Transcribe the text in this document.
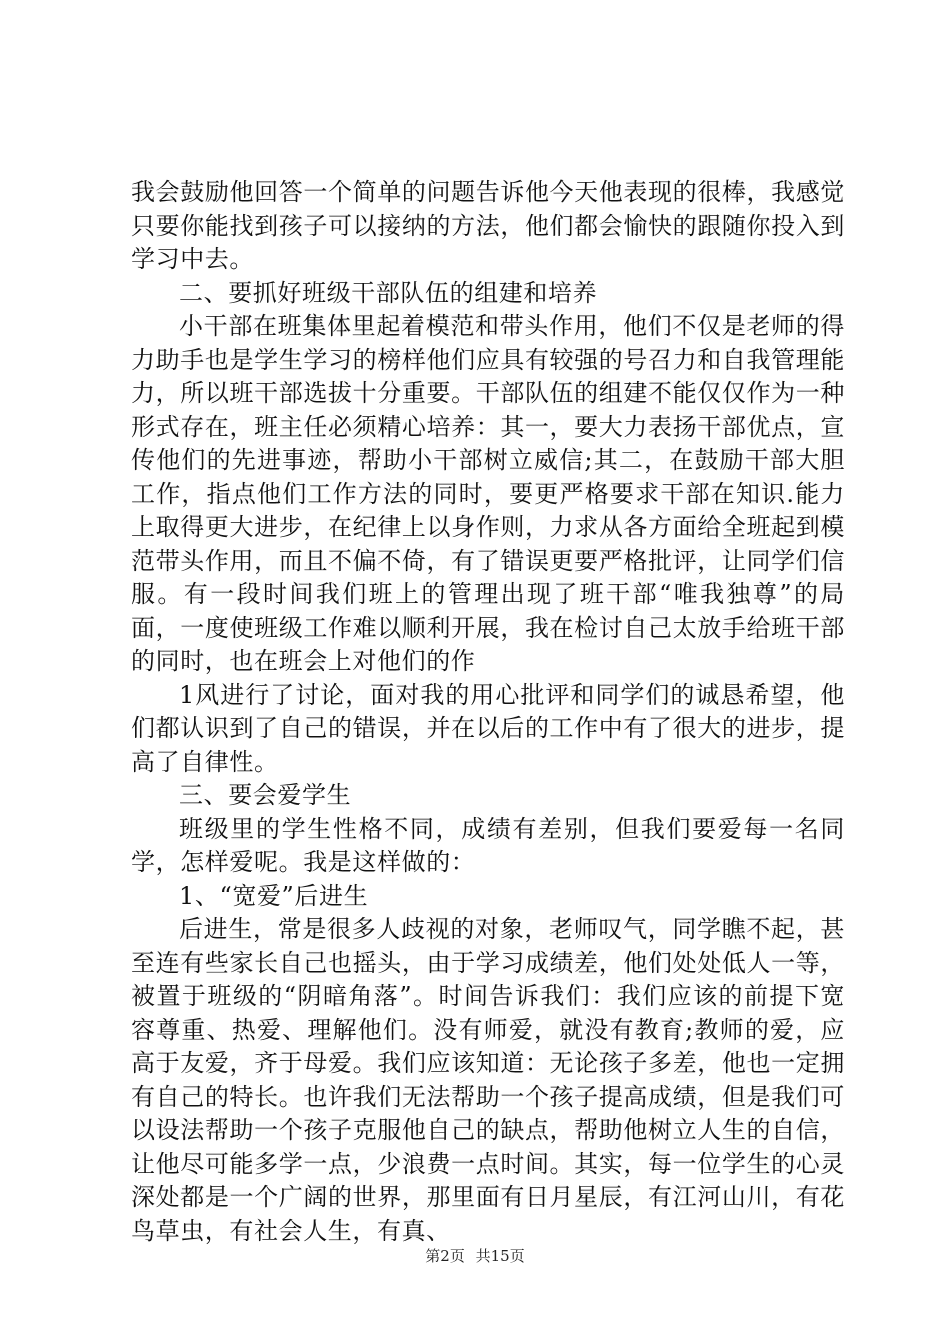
我会鼓励他回答一个简单的问题告诉他今天他表现的很棒，我感觉只要你能找到孩子可以接纳的方法，他们都会愉快的跟随你投入到学习中去。

二、要抓好班级干部队伍的组建和培养

小干部在班集体里起着模范和带头作用，他们不仅是老师的得力助手也是学生学习的榜样他们应具有较强的号召力和自我管理能力，所以班干部选拔十分重要。干部队伍的组建不能仅仅作为一种形式存在，班主任必须精心培养：其一，要大力表扬干部优点，宣传他们的先进事迹，帮助小干部树立威信;其二，在鼓励干部大胆工作，指点他们工作方法的同时，要更严格要求干部在知识.能力上取得更大进步，在纪律上以身作则，力求从各方面给全班起到模范带头作用，而且不偏不倚，有了错误更要严格批评，让同学们信服。有一段时间我们班上的管理出现了班干部“唯我独尊”的局面，一度使班级工作难以顺利开展，我在检讨自己太放手给班干部的同时，也在班会上对他们的作

1风进行了讨论，面对我的用心批评和同学们的诚恳希望，他们都认识到了自己的错误，并在以后的工作中有了很大的进步，提高了自律性。

三、要会爱学生

班级里的学生性格不同，成绩有差别，但我们要爱每一名同学，怎样爱呢。我是这样做的：

1、“宽爱”后进生

后进生，常是很多人歧视的对象，老师叹气，同学瞧不起，甚至连有些家长自己也摇头，由于学习成绩差，他们处处低人一等，被置于班级的“阴暗角落”。时间告诉我们：我们应该的前提下宽容尊重、热爱、理解他们。没有师爱，就没有教育;教师的爱，应高于友爱，齐于母爱。我们应该知道：无论孩子多差，他也一定拥有自己的特长。也许我们无法帮助一个孩子提高成绩，但是我们可以设法帮助一个孩子克服他自己的缺点，帮助他树立人生的自信，让他尽可能多学一点，少浪费一点时间。其实，每一位学生的心灵深处都是一个广阔的世界，那里面有日月星辰，有江河山川，有花鸟草虫，有社会人生，有真、

第2页 共15页
